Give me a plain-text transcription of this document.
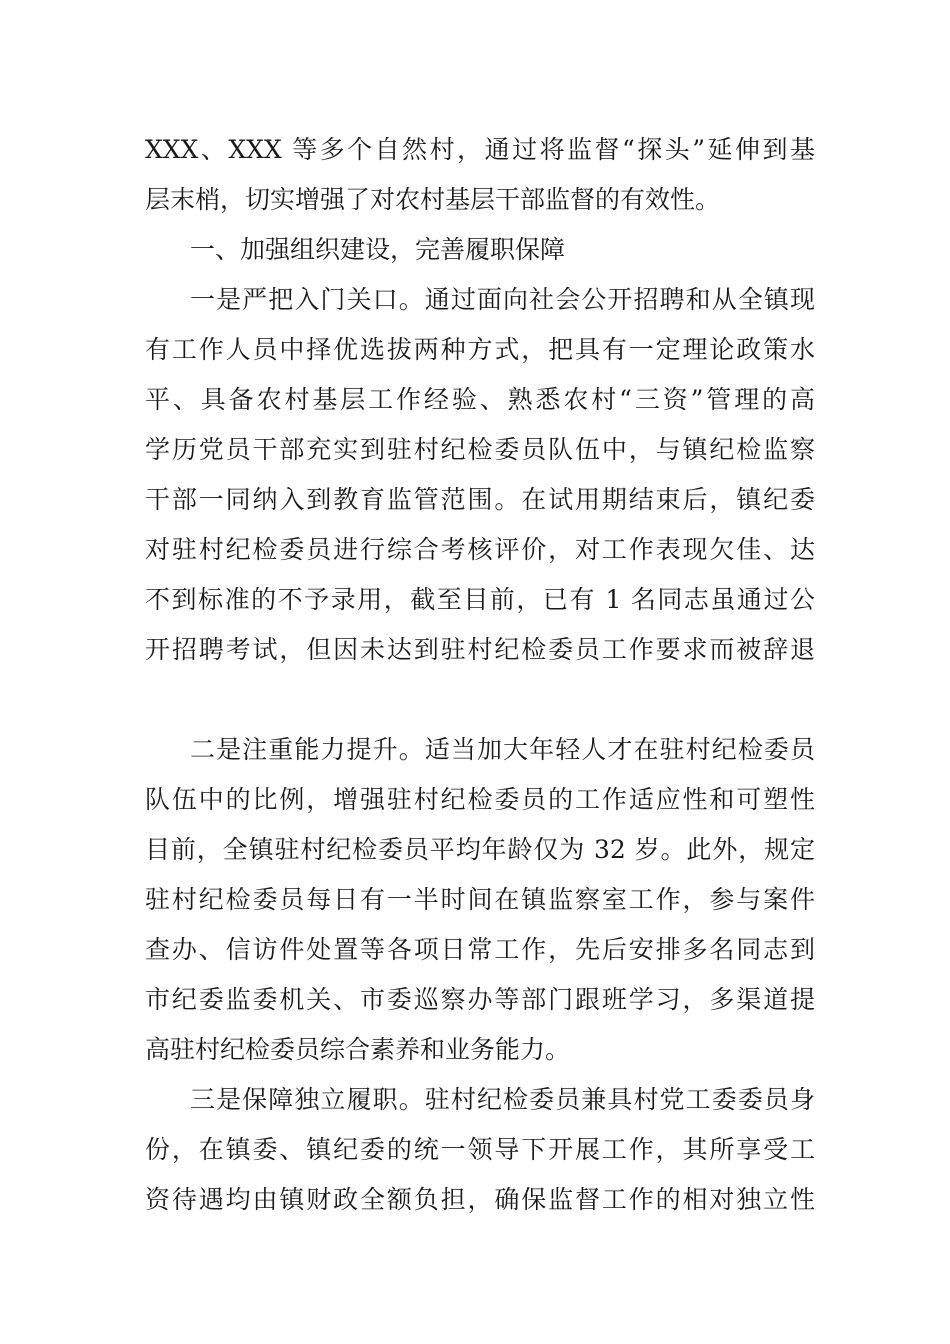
XXX、XXX 等多个自然村，通过将监督“探头”延伸到基
层末梢，切实增强了对农村基层干部监督的有效性。
一、加强组织建设，完善履职保障
一是严把入门关口。通过面向社会公开招聘和从全镇现
有工作人员中择优选拔两种方式，把具有一定理论政策水
平、具备农村基层工作经验、熟悉农村“三资”管理的高
学历党员干部充实到驻村纪检委员队伍中，与镇纪检监察
干部一同纳入到教育监管范围。在试用期结束后，镇纪委
对驻村纪检委员进行综合考核评价，对工作表现欠佳、达
不到标准的不予录用，截至目前，已有 1 名同志虽通过公
开招聘考试，但因未达到驻村纪检委员工作要求而被辞退
二是注重能力提升。适当加大年轻人才在驻村纪检委员
队伍中的比例，增强驻村纪检委员的工作适应性和可塑性
目前，全镇驻村纪检委员平均年龄仅为 32 岁。此外，规定
驻村纪检委员每日有一半时间在镇监察室工作，参与案件
查办、信访件处置等各项日常工作，先后安排多名同志到
市纪委监委机关、市委巡察办等部门跟班学习，多渠道提
高驻村纪检委员综合素养和业务能力。
三是保障独立履职。驻村纪检委员兼具村党工委委员身
份，在镇委、镇纪委的统一领导下开展工作，其所享受工
资待遇均由镇财政全额负担，确保监督工作的相对独立性
